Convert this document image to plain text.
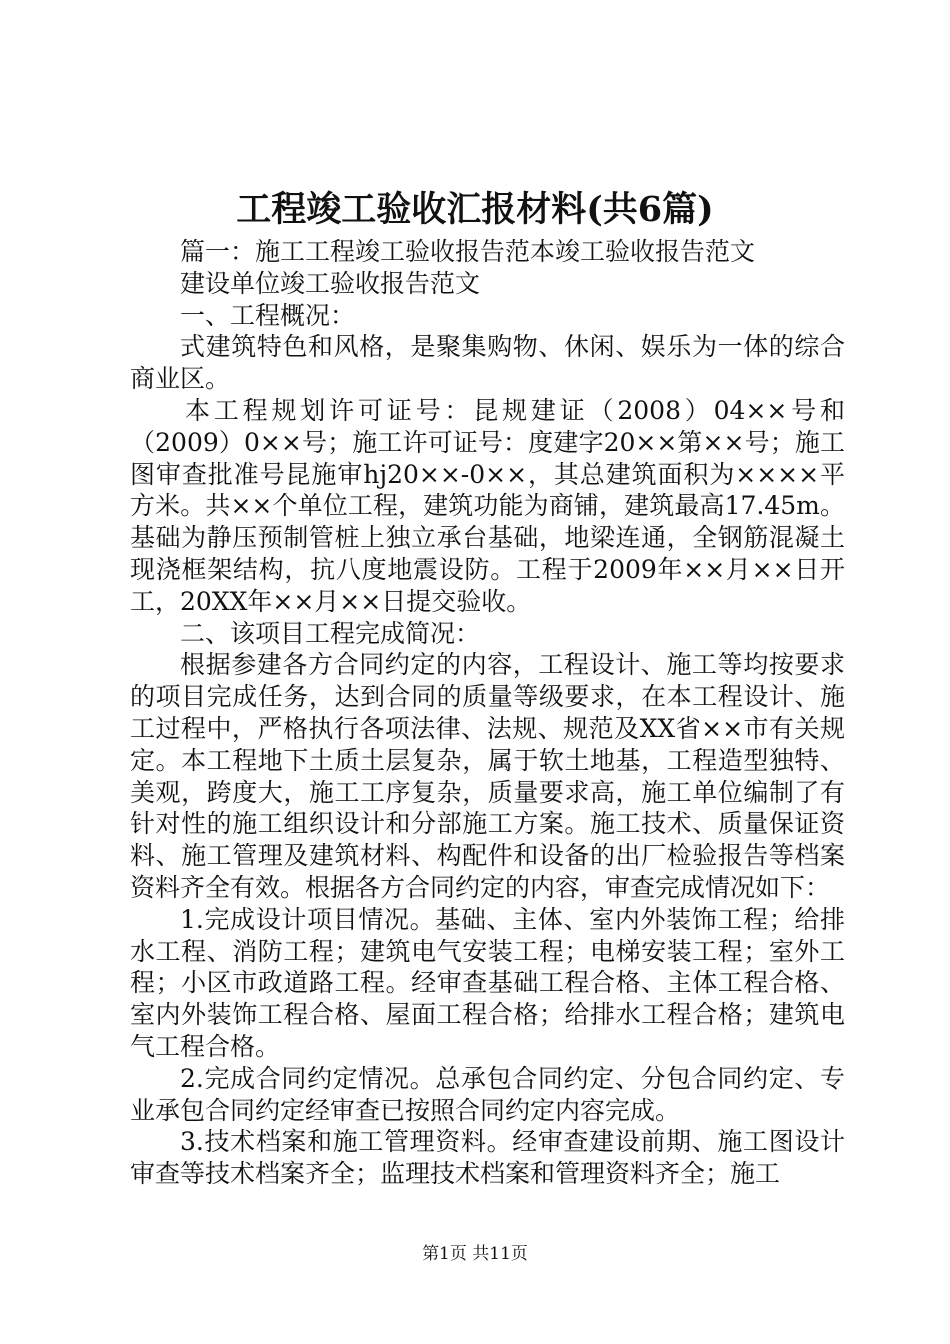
工程竣工验收汇报材料(共6篇)

篇一：施工工程竣工验收报告范本竣工验收报告范文

建设单位竣工验收报告范文

一、工程概况：

式建筑特色和风格，是聚集购物、休闲、娱乐为一体的综合商业区。

本工程规划许可证号：昆规建证（2008）04××号和（2009）0××号；施工许可证号：度建字20××第××号；施工图审查批准号昆施审hj20××-0××，其总建筑面积为××××平方米。共××个单位工程，建筑功能为商铺，建筑最高17.45m。基础为静压预制管桩上独立承台基础，地梁连通，全钢筋混凝土现浇框架结构，抗八度地震设防。工程于2009年××月××日开工，20XX年××月××日提交验收。

二、该项目工程完成简况：

根据参建各方合同约定的内容，工程设计、施工等均按要求的项目完成任务，达到合同的质量等级要求，在本工程设计、施工过程中，严格执行各项法律、法规、规范及XX省××市有关规定。本工程地下土质土层复杂，属于软土地基，工程造型独特、美观，跨度大，施工工序复杂，质量要求高，施工单位编制了有针对性的施工组织设计和分部施工方案。施工技术、质量保证资料、施工管理及建筑材料、构配件和设备的出厂检验报告等档案资料齐全有效。根据各方合同约定的内容，审查完成情况如下：

1.完成设计项目情况。基础、主体、室内外装饰工程；给排水工程、消防工程；建筑电气安装工程；电梯安装工程；室外工程；小区市政道路工程。经审查基础工程合格、主体工程合格、室内外装饰工程合格、屋面工程合格；给排水工程合格；建筑电气工程合格。

2.完成合同约定情况。总承包合同约定、分包合同约定、专业承包合同约定经审查已按照合同约定内容完成。

3.技术档案和施工管理资料。经审查建设前期、施工图设计审查等技术档案齐全；监理技术档案和管理资料齐全；施工

第1页 共11页
